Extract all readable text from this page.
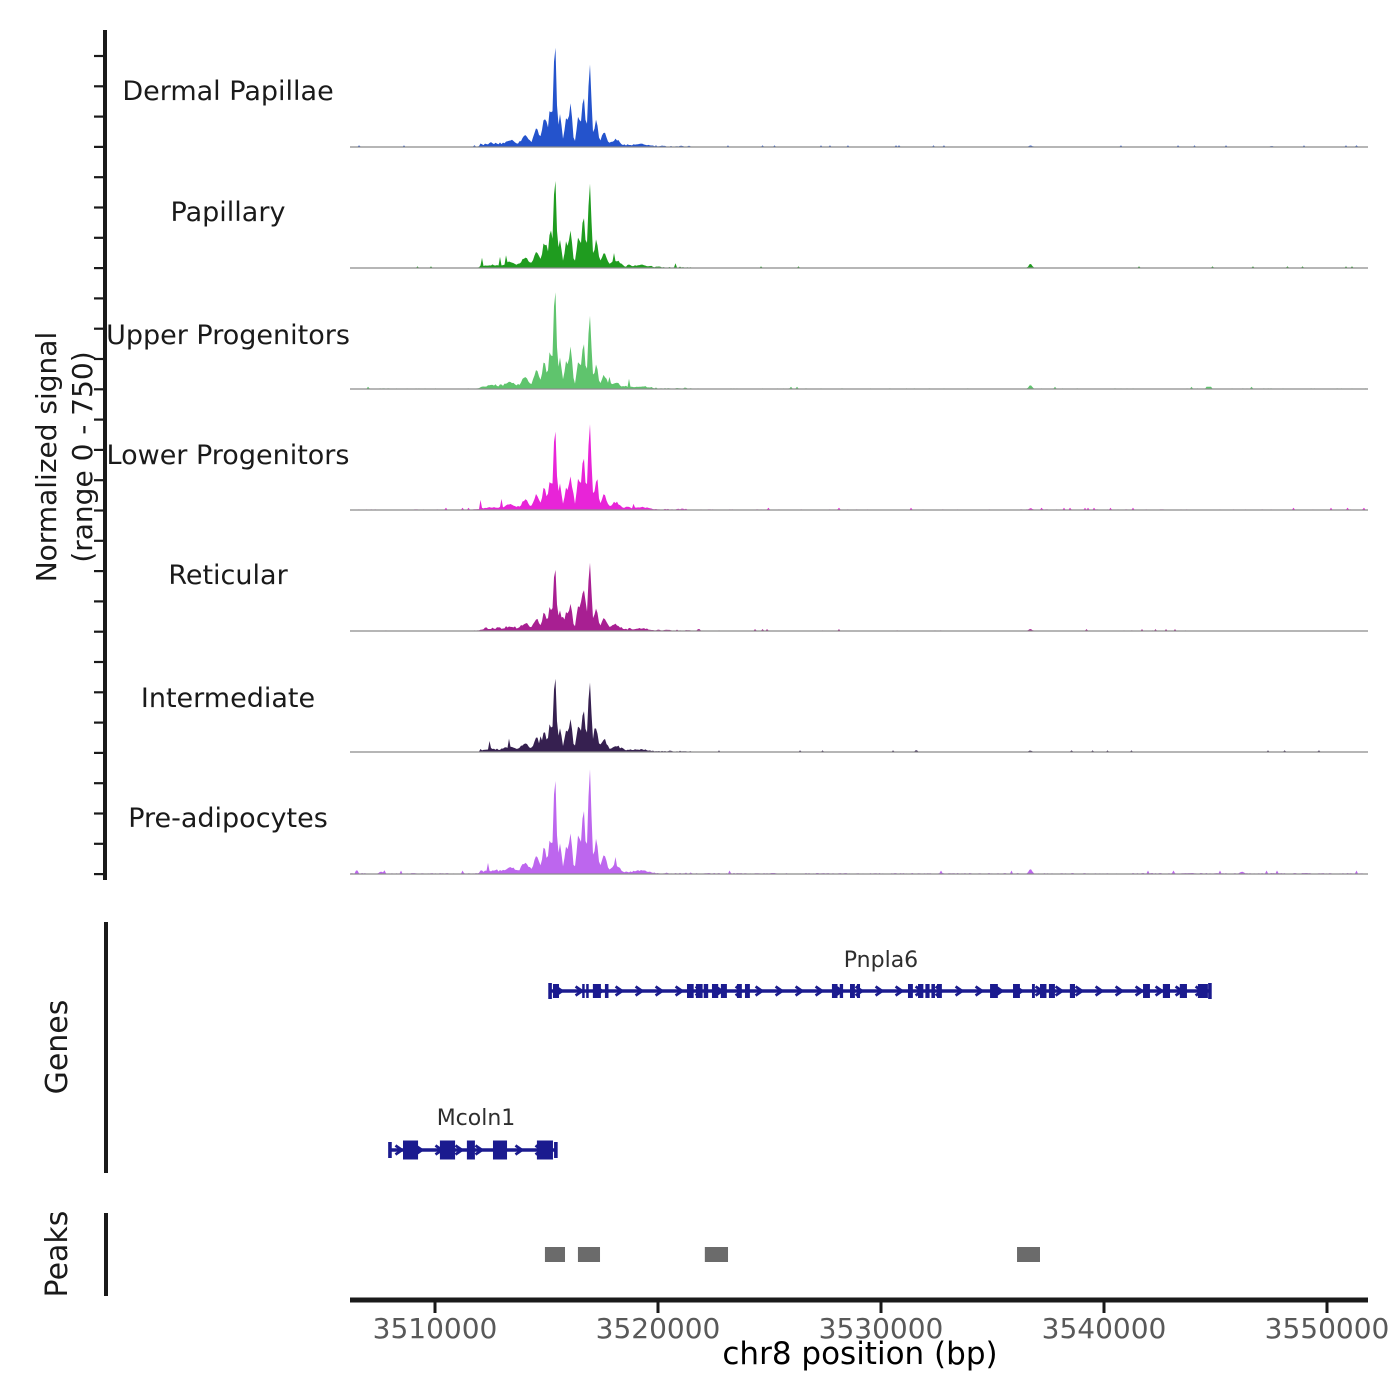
Normalized signal (range 0 - 750)
Dermal Papillae
Papillary
Upper Progenitors
Lower Progenitors
Reticular
Intermediate
Pre-adipocytes
Genes
Peaks
Pnpla6
Mcoln1
3510000	3520000	3530000	3540000	3550000
chr8 position (bp)
